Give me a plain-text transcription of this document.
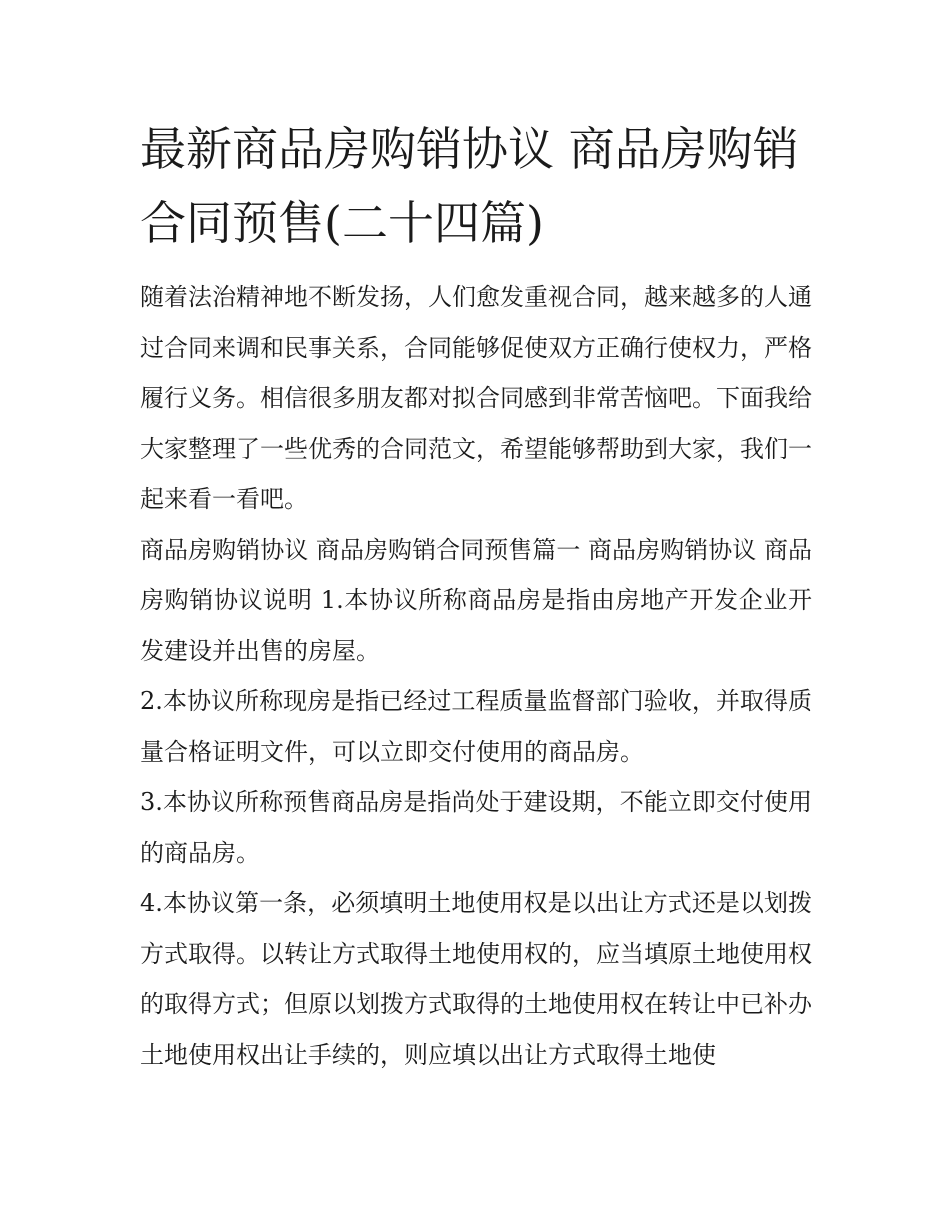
最新商品房购销协议 商品房购销合同预售(二十四篇)

随着法治精神地不断发扬，人们愈发重视合同，越来越多的人通过合同来调和民事关系，合同能够促使双方正确行使权力，严格履行义务。相信很多朋友都对拟合同感到非常苦恼吧。下面我给大家整理了一些优秀的合同范文，希望能够帮助到大家，我们一起来看一看吧。

商品房购销协议 商品房购销合同预售篇一 商品房购销协议 商品房购销协议说明 1.本协议所称商品房是指由房地产开发企业开发建设并出售的房屋。

2.本协议所称现房是指已经过工程质量监督部门验收，并取得质量合格证明文件，可以立即交付使用的商品房。

3.本协议所称预售商品房是指尚处于建设期，不能立即交付使用的商品房。

4.本协议第一条，必须填明土地使用权是以出让方式还是以划拨方式取得。以转让方式取得土地使用权的，应当填原土地使用权的取得方式；但原以划拨方式取得的土地使用权在转让中已补办土地使用权出让手续的，则应填以出让方式取得土地使
